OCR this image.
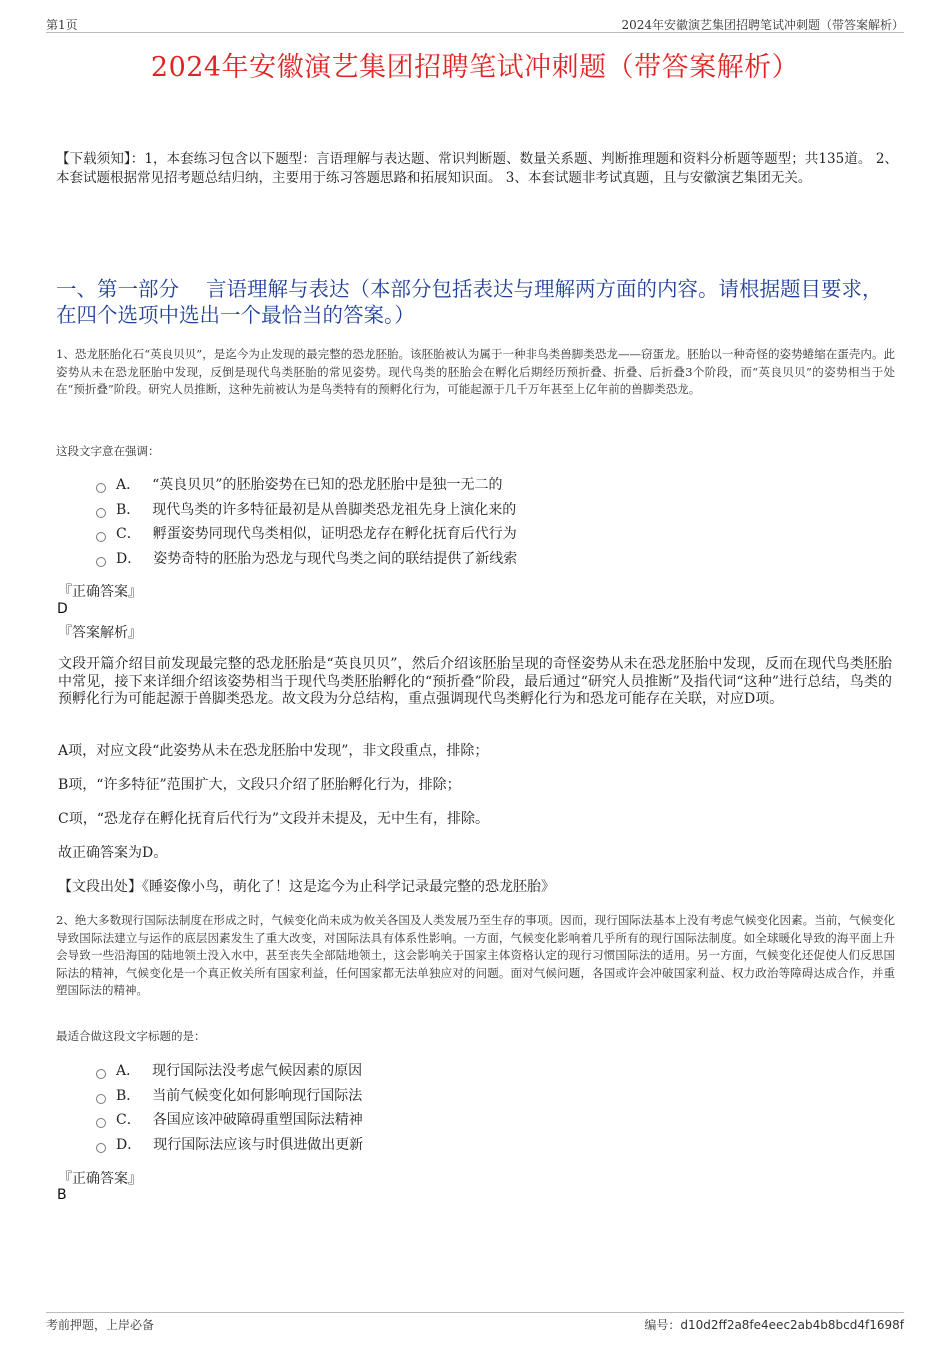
第1页	2024年安徽演艺集团招聘笔试冲刺题（带答案解析）
2024年安徽演艺集团招聘笔试冲刺题（带答案解析）
【下载须知】：1，本套练习包含以下题型：言语理解与表达题、常识判断题、数量关系题、判断推理题和资料分析题等题型；共135道。 2、本套试题根据常见招考题总结归纳，主要用于练习答题思路和拓展知识面。 3、本套试题非考试真题，且与安徽演艺集团无关。
一、第一部分　 言语理解与表达（本部分包括表达与理解两方面的内容。请根据题目要求，在四个选项中选出一个最恰当的答案。）
1、恐龙胚胎化石“英良贝贝”，是迄今为止发现的最完整的恐龙胚胎。该胚胎被认为属于一种非鸟类兽脚类恐龙——窃蛋龙。胚胎以一种奇怪的姿势蜷缩在蛋壳内。此姿势从未在恐龙胚胎中发现，反倒是现代鸟类胚胎的常见姿势。现代鸟类的胚胎会在孵化后期经历预折叠、折叠、后折叠3个阶段，而“英良贝贝”的姿势相当于处在“预折叠”阶段。研究人员推断，这种先前被认为是鸟类特有的预孵化行为，可能起源于几千万年甚至上亿年前的兽脚类恐龙。
这段文字意在强调：
A． “英良贝贝”的胚胎姿势在已知的恐龙胚胎中是独一无二的
B． 现代鸟类的许多特征最初是从兽脚类恐龙祖先身上演化来的
C． 孵蛋姿势同现代鸟类相似，证明恐龙存在孵化抚育后代行为
D． 姿势奇特的胚胎为恐龙与现代鸟类之间的联结提供了新线索
『正确答案』
D
『答案解析』
文段开篇介绍目前发现最完整的恐龙胚胎是“英良贝贝”，然后介绍该胚胎呈现的奇怪姿势从未在恐龙胚胎中发现，反而在现代鸟类胚胎中常见，接下来详细介绍该姿势相当于现代鸟类胚胎孵化的“预折叠”阶段，最后通过“研究人员推断”及指代词“这种”进行总结，鸟类的预孵化行为可能起源于兽脚类恐龙。故文段为分总结构，重点强调现代鸟类孵化行为和恐龙可能存在关联，对应D项。
A项，对应文段“此姿势从未在恐龙胚胎中发现”，非文段重点，排除；
B项，“许多特征”范围扩大，文段只介绍了胚胎孵化行为，排除；
C项，“恐龙存在孵化抚育后代行为”文段并未提及，无中生有，排除。
故正确答案为D。
【文段出处】《睡姿像小鸟，萌化了！这是迄今为止科学记录最完整的恐龙胚胎》
2、绝大多数现行国际法制度在形成之时，气候变化尚未成为攸关各国及人类发展乃至生存的事项。因而，现行国际法基本上没有考虑气候变化因素。当前，气候变化导致国际法建立与运作的底层因素发生了重大改变，对国际法具有体系性影响。一方面，气候变化影响着几乎所有的现行国际法制度。如全球暖化导致的海平面上升会导致一些沿海国的陆地领土没入水中，甚至丧失全部陆地领土，这会影响关于国家主体资格认定的现行习惯国际法的适用。另一方面，气候变化还促使人们反思国际法的精神，气候变化是一个真正攸关所有国家利益，任何国家都无法单独应对的问题。面对气候问题，各国或许会冲破国家利益、权力政治等障碍达成合作，并重塑国际法的精神。
最适合做这段文字标题的是：
A． 现行国际法没考虑气候因素的原因
B． 当前气候变化如何影响现行国际法
C． 各国应该冲破障碍重塑国际法精神
D． 现行国际法应该与时俱进做出更新
『正确答案』
B
考前押题，上岸必备	编号：d10d2ff2a8fe4eec2ab4b8bcd4f1698f
